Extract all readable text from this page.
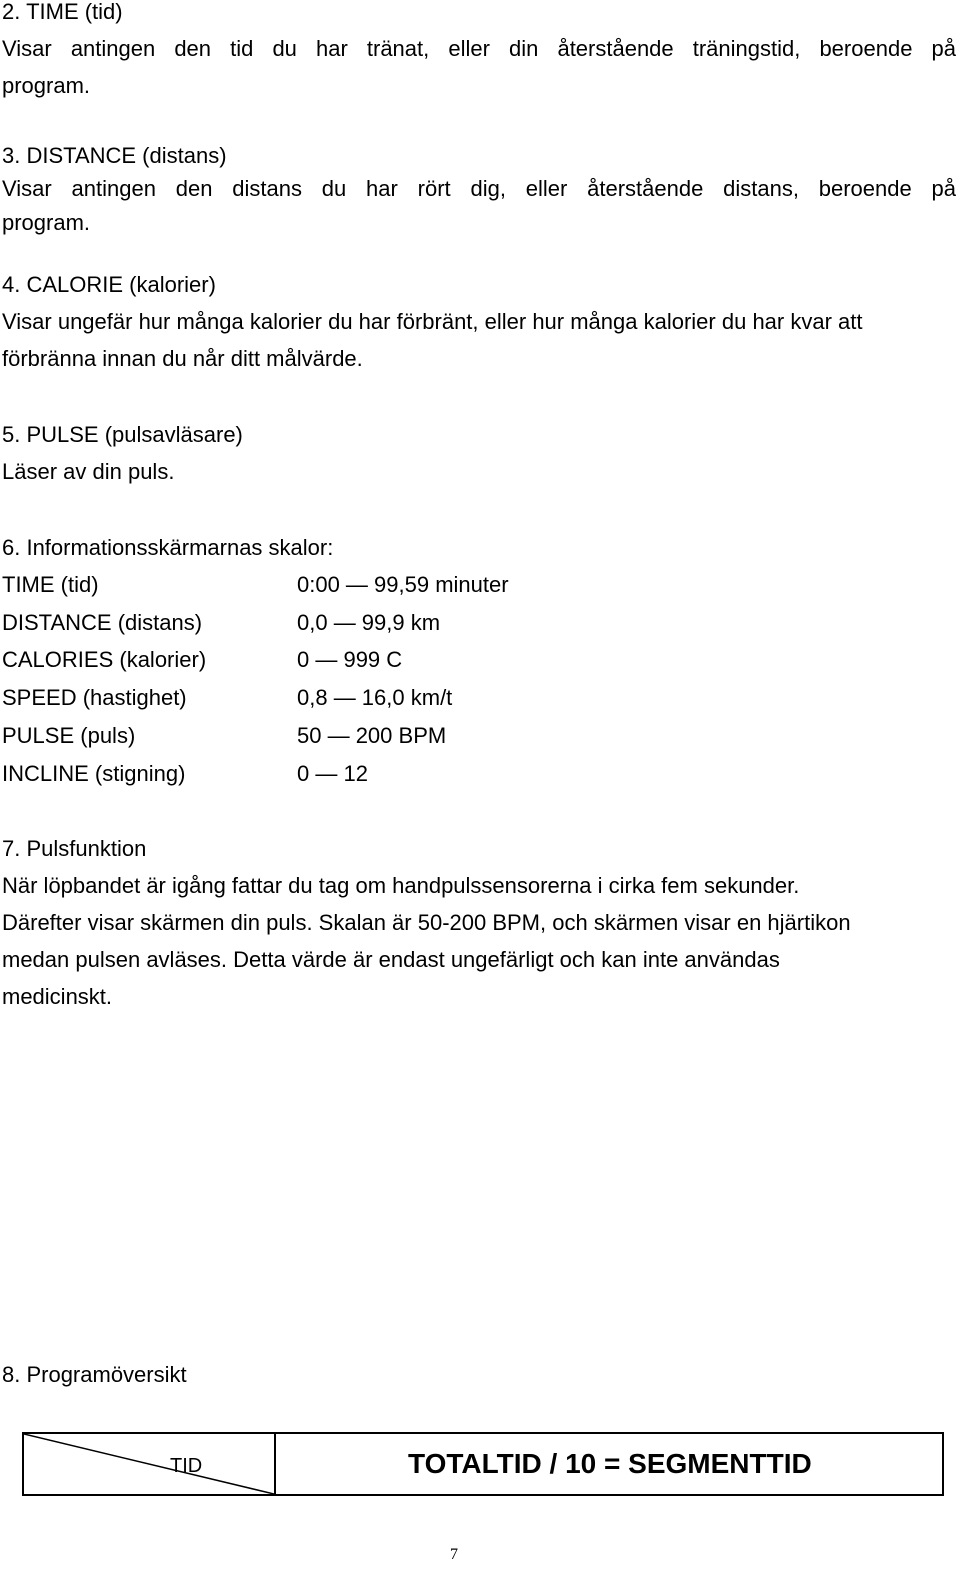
2. TIME (tid)

Visar antingen den tid du har tränat, eller din återstående träningstid, beroende på

program.

3. DISTANCE (distans)

Visar antingen den distans du har rört dig, eller återstående distans, beroende på

program.

4. CALORIE (kalorier)

Visar ungefär hur många kalorier du har förbränt, eller hur många kalorier du har kvar att

förbränna innan du når ditt målvärde.

5. PULSE (pulsavläsare)

Läser av din puls.

6. Informationsskärmarnas skalor:

TIME (tid)	0:00 — 99,59 minuter
DISTANCE (distans)	0,0 — 99,9 km
CALORIES (kalorier)	0 — 999 C
SPEED (hastighet)	0,8 — 16,0 km/t
PULSE (puls)	50 — 200 BPM
INCLINE (stigning)	0 — 12

7. Pulsfunktion

När löpbandet är igång fattar du tag om handpulssensorerna i cirka fem sekunder.

Därefter visar skärmen din puls. Skalan är 50-200 BPM, och skärmen visar en hjärtikon

medan pulsen avläses. Detta värde är endast ungefärligt och kan inte användas

medicinskt.

8. Programöversikt

TID	TOTALTID / 10 = SEGMENTTID
7
